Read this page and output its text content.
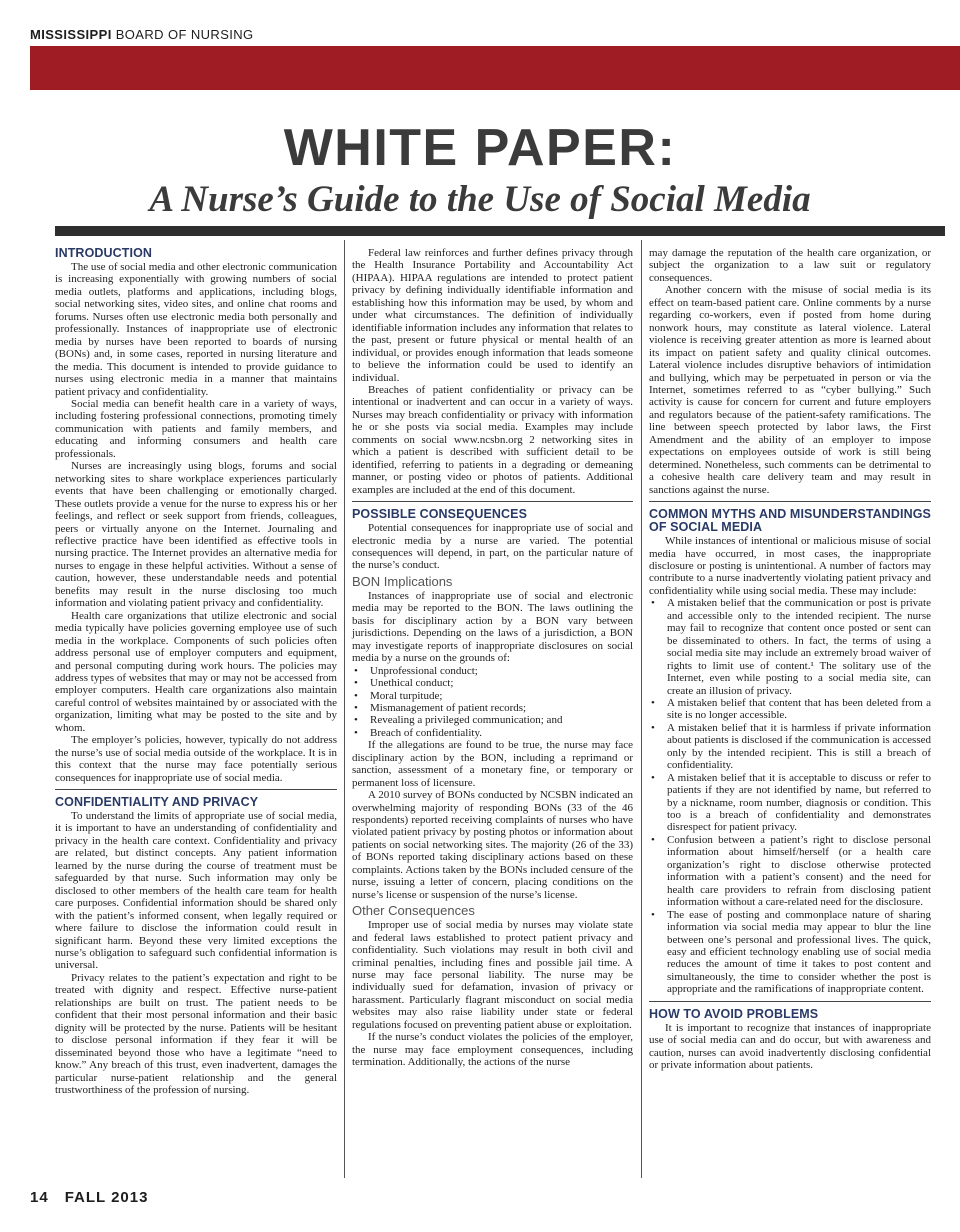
MISSISSIPPI BOARD OF NURSING
WHITE PAPER:
A Nurse’s Guide to the Use of Social Media
INTRODUCTION

The use of social media and other electronic communication is increasing exponentially with growing numbers of social media outlets, platforms and applications, including blogs, social networking sites, video sites, and online chat rooms and forums. Nurses often use electronic media both personally and professionally. Instances of inappropriate use of electronic media by nurses have been reported to boards of nursing (BONs) and, in some cases, reported in nursing literature and the media. This document is intended to provide guidance to nurses using electronic media in a manner that maintains patient privacy and confidentiality.

Social media can benefit health care in a variety of ways, including fostering professional connections, promoting timely communication with patients and family members, and educating and informing consumers and health care professionals.

Nurses are increasingly using blogs, forums and social networking sites to share workplace experiences particularly events that have been challenging or emotionally charged. These outlets provide a venue for the nurse to express his or her feelings, and reflect or seek support from friends, colleagues, peers or virtually anyone on the Internet. Journaling and reflective practice have been identified as effective tools in nursing practice. The Internet provides an alternative media for nurses to engage in these helpful activities. Without a sense of caution, however, these understandable needs and potential benefits may result in the nurse disclosing too much information and violating patient privacy and confidentiality.

Health care organizations that utilize electronic and social media typically have policies governing employee use of such media in the workplace. Components of such policies often address personal use of employer computers and equipment, and personal computing during work hours. The policies may address types of websites that may or may not be accessed from employer computers. Health care organizations also maintain careful control of websites maintained by or associated with the organization, limiting what may be posted to the site and by whom.

The employer’s policies, however, typically do not address the nurse’s use of social media outside of the workplace. It is in this context that the nurse may face potentially serious consequences for inappropriate use of social media.

CONFIDENTIALITY AND PRIVACY

To understand the limits of appropriate use of social media, it is important to have an understanding of confidentiality and privacy in the health care context. Confidentiality and privacy are related, but distinct concepts. Any patient information learned by the nurse during the course of treatment must be safeguarded by that nurse. Such information may only be disclosed to other members of the health care team for health care purposes. Confidential information should be shared only with the patient’s informed consent, when legally required or where failure to disclose the information could result in significant harm. Beyond these very limited exceptions the nurse’s obligation to safeguard such confidential information is universal.

Privacy relates to the patient’s expectation and right to be treated with dignity and respect. Effective nurse-patient relationships are built on trust. The patient needs to be confident that their most personal information and their basic dignity will be protected by the nurse. Patients will be hesitant to disclose personal information if they fear it will be disseminated beyond those who have a legitimate “need to know.” Any breach of this trust, even inadvertent, damages the particular nurse-patient relationship and the general trustworthiness of the profession of nursing.

Federal law reinforces and further defines privacy through the Health Insurance Portability and Accountability Act (HIPAA). HIPAA regulations are intended to protect patient privacy by defining individually identifiable information and establishing how this information may be used, by whom and under what circumstances. The definition of individually identifiable information includes any information that relates to the past, present or future physical or mental health of an individual, or provides enough information that leads someone to believe the information could be used to identify an individual.

Breaches of patient confidentiality or privacy can be intentional or inadvertent and can occur in a variety of ways. Nurses may breach confidentiality or privacy with information he or she posts via social media. Examples may include comments on social www.ncsbn.org 2 networking sites in which a patient is described with sufficient detail to be identified, referring to patients in a degrading or demeaning manner, or posting video or photos of patients. Additional examples are included at the end of this document.

POSSIBLE CONSEQUENCES

Potential consequences for inappropriate use of social and electronic media by a nurse are varied. The potential consequences will depend, in part, on the particular nature of the nurse’s conduct.

BON Implications

Instances of inappropriate use of social and electronic media may be reported to the BON. The laws outlining the basis for disciplinary action by a BON vary between jurisdictions. Depending on the laws of a jurisdiction, a BON may investigate reports of inappropriate disclosures on social media by a nurse on the grounds of:

• Unprofessional conduct;
• Unethical conduct;
• Moral turpitude;
• Mismanagement of patient records;
• Revealing a privileged communication; and
• Breach of confidentiality.

If the allegations are found to be true, the nurse may face disciplinary action by the BON, including a reprimand or sanction, assessment of a monetary fine, or temporary or permanent loss of licensure.

A 2010 survey of BONs conducted by NCSBN indicated an overwhelming majority of responding BONs (33 of the 46 respondents) reported receiving complaints of nurses who have violated patient privacy by posting photos or information about patients on social networking sites. The majority (26 of the 33) of BONs reported taking disciplinary actions based on these complaints. Actions taken by the BONs included censure of the nurse, issuing a letter of concern, placing conditions on the nurse’s license or suspension of the nurse’s license.

Other Consequences

Improper use of social media by nurses may violate state and federal laws established to protect patient privacy and confidentiality. Such violations may result in both civil and criminal penalties, including fines and possible jail time. A nurse may face personal liability. The nurse may be individually sued for defamation, invasion of privacy or harassment. Particularly flagrant misconduct on social media websites may also raise liability under state or federal regulations focused on preventing patient abuse or exploitation.

If the nurse’s conduct violates the policies of the employer, the nurse may face employment consequences, including termination. Additionally, the actions of the nurse

may damage the reputation of the health care organization, or subject the organization to a law suit or regulatory consequences.

Another concern with the misuse of social media is its effect on team-based patient care. Online comments by a nurse regarding co-workers, even if posted from home during nonwork hours, may constitute as lateral violence. Lateral violence is receiving greater attention as more is learned about its impact on patient safety and quality clinical outcomes. Lateral violence includes disruptive behaviors of intimidation and bullying, which may be perpetuated in person or via the Internet, sometimes referred to as “cyber bullying.” Such activity is cause for concern for current and future employers and regulators because of the patient-safety ramifications. The line between speech protected by labor laws, the First Amendment and the ability of an employer to impose expectations on employees outside of work is still being determined. Nonetheless, such comments can be detrimental to a cohesive health care delivery team and may result in sanctions against the nurse.

COMMON MYTHS AND MISUNDERSTANDINGS OF SOCIAL MEDIA

While instances of intentional or malicious misuse of social media have occurred, in most cases, the inappropriate disclosure or posting is unintentional. A number of factors may contribute to a nurse inadvertently violating patient privacy and confidentiality while using social media. These may include:

• A mistaken belief that the communication or post is private and accessible only to the intended recipient. The nurse may fail to recognize that content once posted or sent can be disseminated to others. In fact, the terms of using a social media site may include an extremely broad waiver of rights to limit use of content.¹ The solitary use of the Internet, even while posting to a social media site, can create an illusion of privacy.
• A mistaken belief that content that has been deleted from a site is no longer accessible.
• A mistaken belief that it is harmless if private information about patients is disclosed if the communication is accessed only by the intended recipient. This is still a breach of confidentiality.
• A mistaken belief that it is acceptable to discuss or refer to patients if they are not identified by name, but referred to by a nickname, room number, diagnosis or condition. This too is a breach of confidentiality and demonstrates disrespect for patient privacy.
• Confusion between a patient’s right to disclose personal information about himself/herself (or a health care organization’s right to disclose otherwise protected information with a patient’s consent) and the need for health care providers to refrain from disclosing patient information without a care-related need for the disclosure.
• The ease of posting and commonplace nature of sharing information via social media may appear to blur the line between one’s personal and professional lives. The quick, easy and efficient technology enabling use of social media reduces the amount of time it takes to post content and simultaneously, the time to consider whether the post is appropriate and the ramifications of inappropriate content.
HOW TO AVOID PROBLEMS

It is important to recognize that instances of inappropriate use of social media can and do occur, but with awareness and caution, nurses can avoid inadvertently disclosing confidential or private information about patients.

14 FALL 2013
